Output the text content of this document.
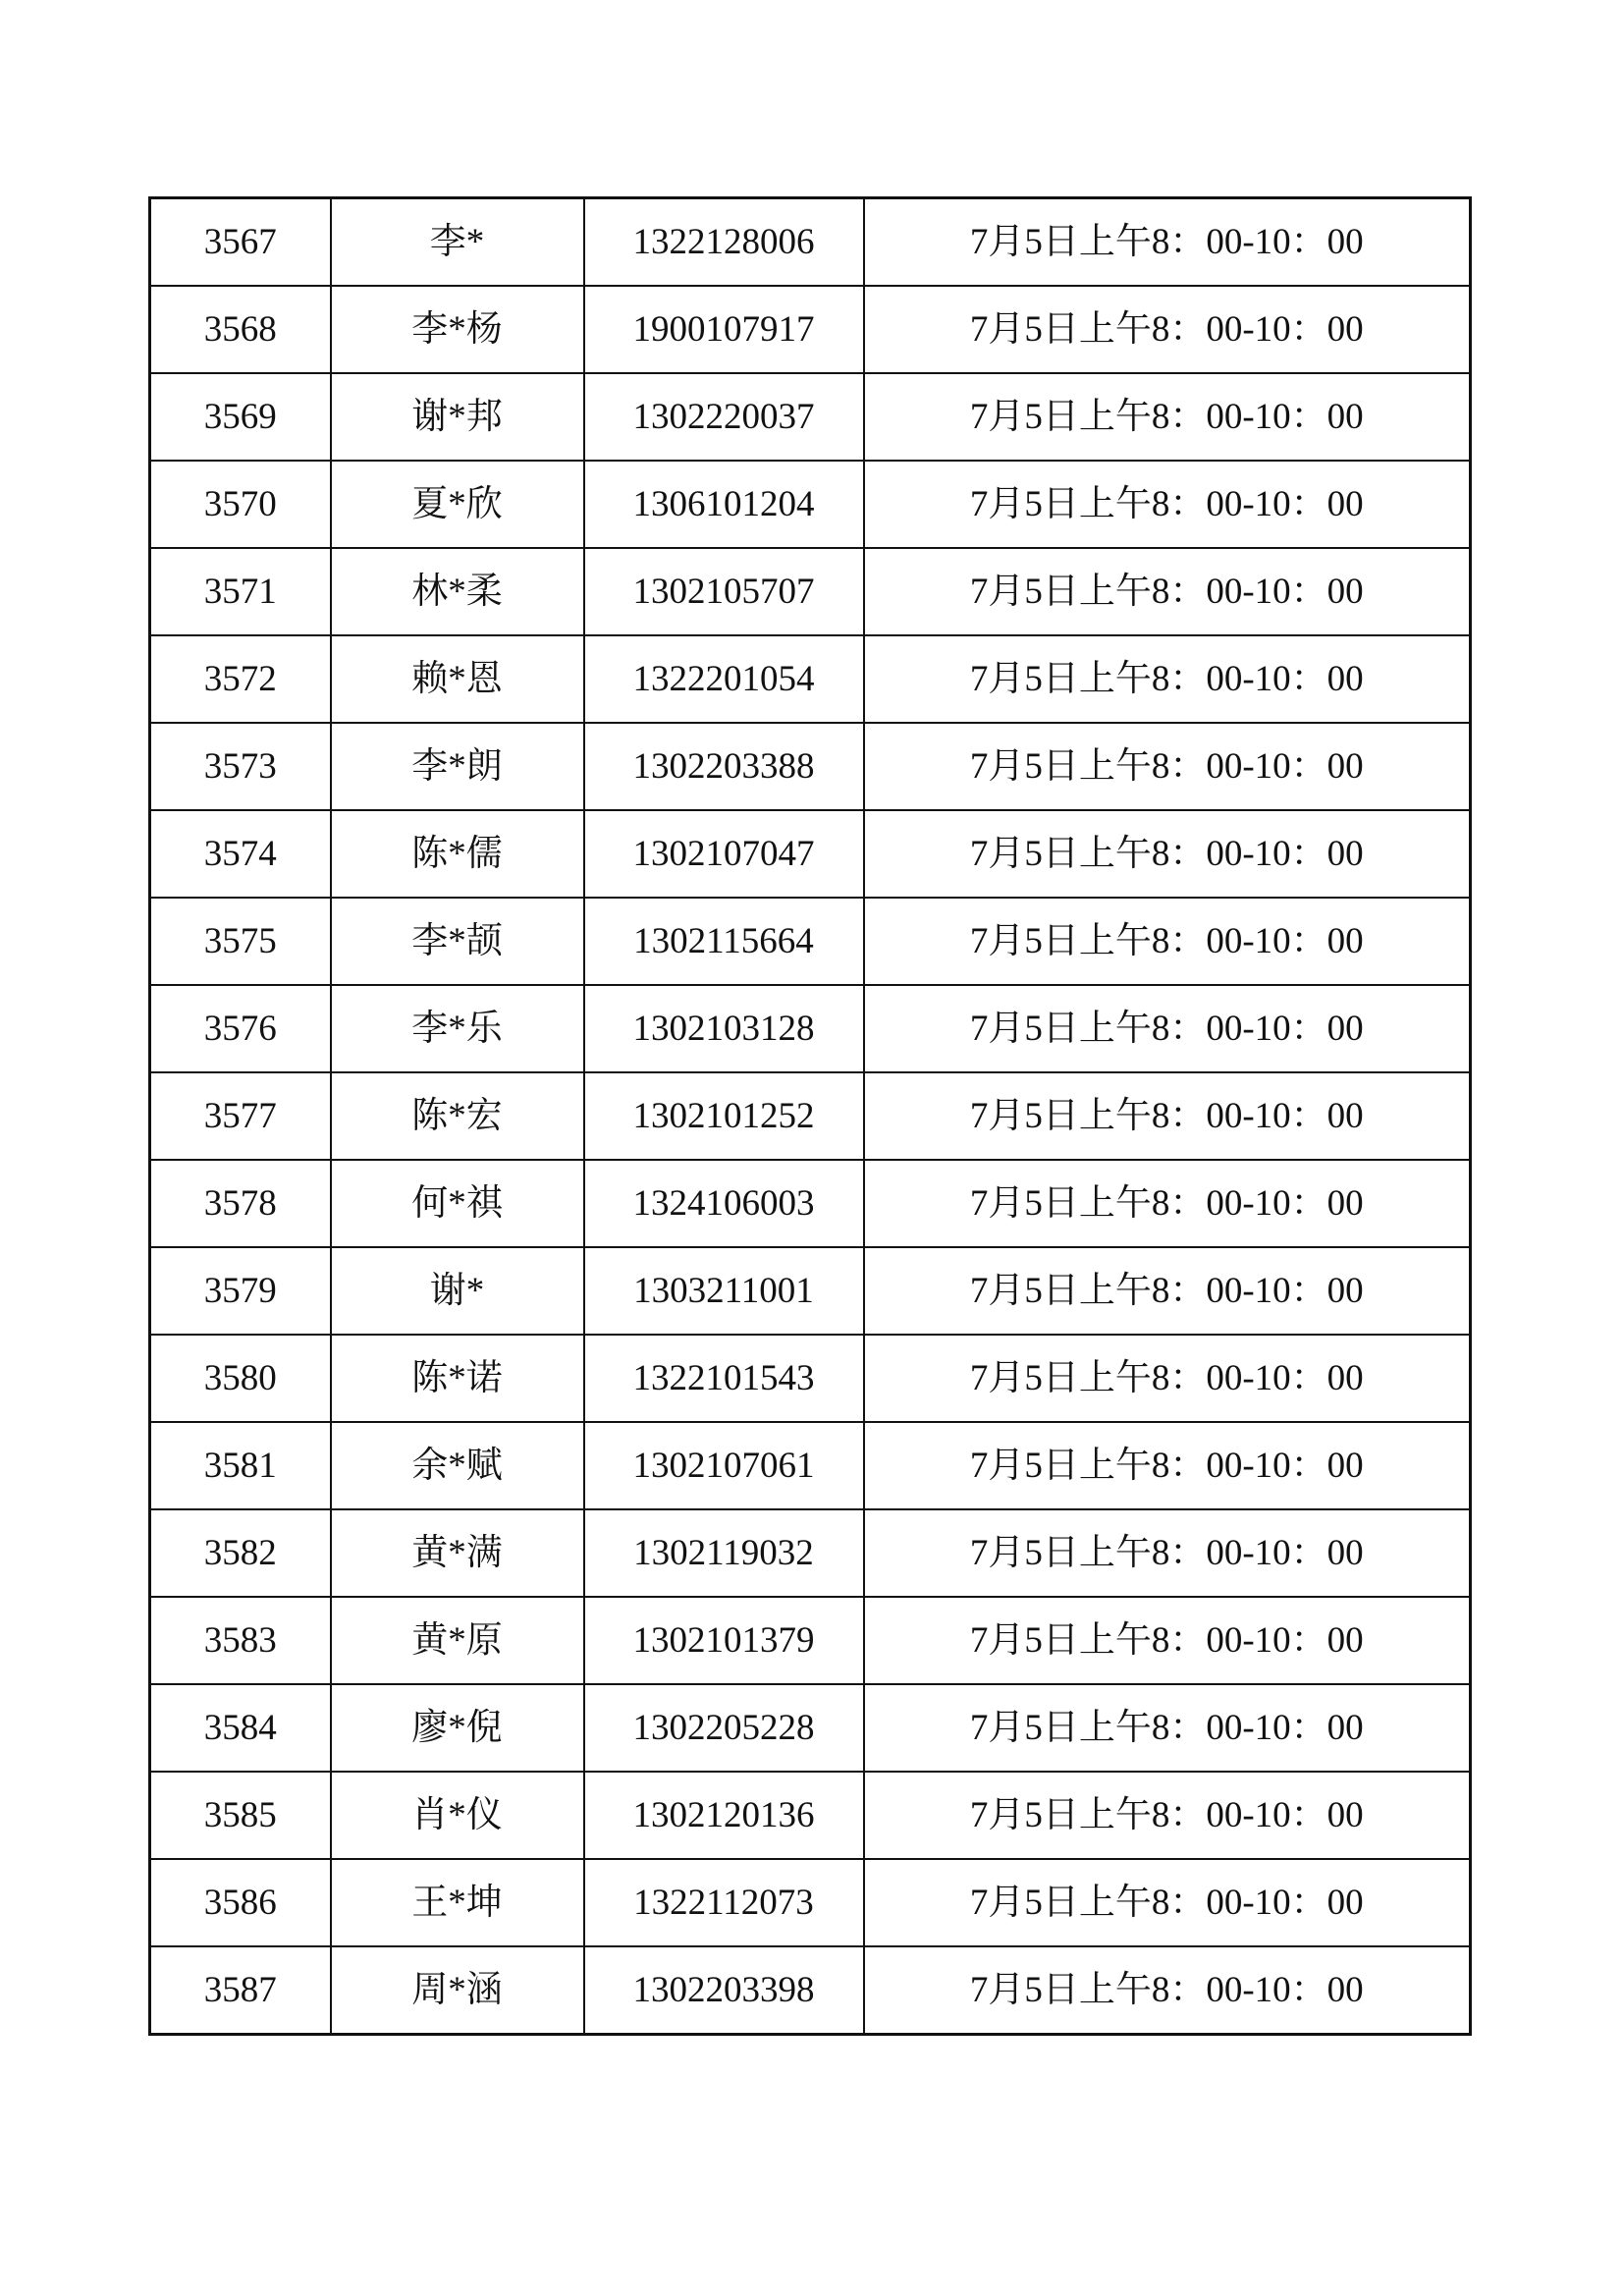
3567	李*	1322128006	7月5日上午8：00-10：00
3568	李*杨	1900107917	7月5日上午8：00-10：00
3569	谢*邦	1302220037	7月5日上午8：00-10：00
3570	夏*欣	1306101204	7月5日上午8：00-10：00
3571	林*柔	1302105707	7月5日上午8：00-10：00
3572	赖*恩	1322201054	7月5日上午8：00-10：00
3573	李*朗	1302203388	7月5日上午8：00-10：00
3574	陈*儒	1302107047	7月5日上午8：00-10：00
3575	李*颉	1302115664	7月5日上午8：00-10：00
3576	李*乐	1302103128	7月5日上午8：00-10：00
3577	陈*宏	1302101252	7月5日上午8：00-10：00
3578	何*祺	1324106003	7月5日上午8：00-10：00
3579	谢*	1303211001	7月5日上午8：00-10：00
3580	陈*诺	1322101543	7月5日上午8：00-10：00
3581	余*赋	1302107061	7月5日上午8：00-10：00
3582	黄*满	1302119032	7月5日上午8：00-10：00
3583	黄*原	1302101379	7月5日上午8：00-10：00
3584	廖*倪	1302205228	7月5日上午8：00-10：00
3585	肖*仪	1302120136	7月5日上午8：00-10：00
3586	王*坤	1322112073	7月5日上午8：00-10：00
3587	周*涵	1302203398	7月5日上午8：00-10：00
